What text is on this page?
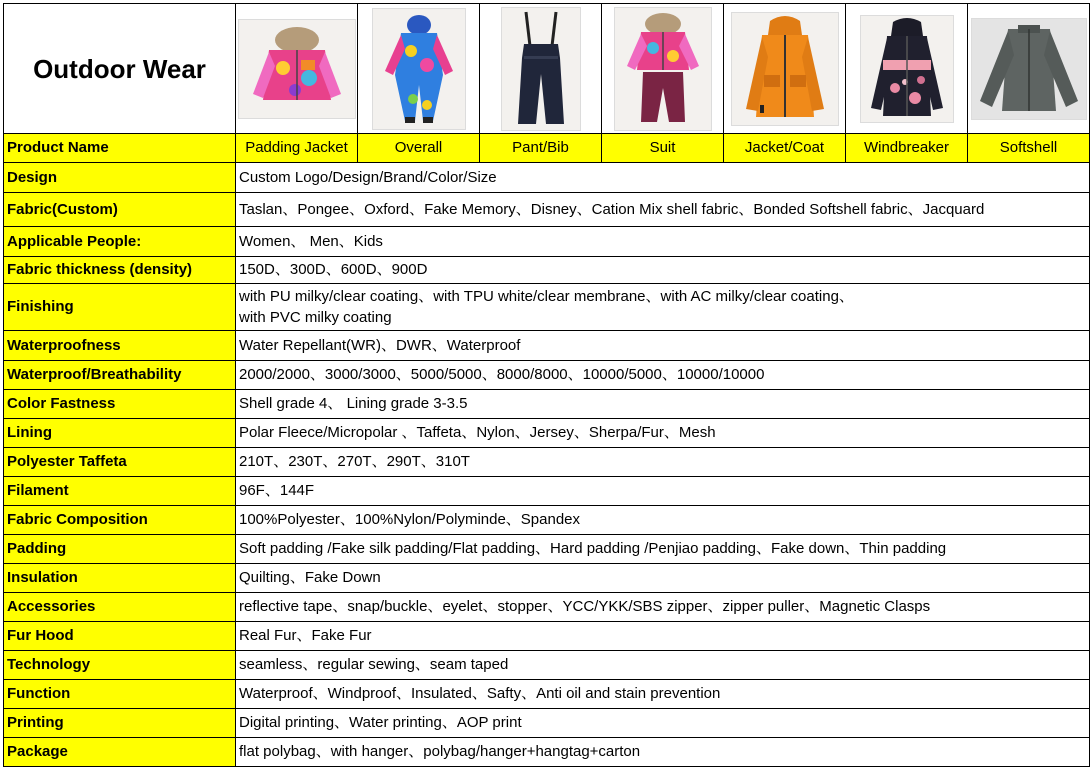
Outdoor Wear	

Product Name	Padding Jacket	Overall	Pant/Bib	Suit	Jacket/Coat	Windbreaker	Softshell
Design	Custom Logo/Design/Brand/Color/Size						
Fabric(Custom)	Taslan、Pongee、Oxford、Fake Memory、Disney、Cation Mix shell fabric、Bonded Softshell fabric、Jacquard						
Applicable People:	Women、 Men、Kids						
Fabric thickness (density)	150D、300D、600D、900D						
Finishing	with PU milky/clear coating、with TPU white/clear membrane、with AC milky/clear coating、
with PVC milky coating						

Waterproofness	Water Repellant(WR)、DWR、Waterproof						
Waterproof/Breathability	2000/2000、3000/3000、5000/5000、8000/8000、10000/5000、10000/10000						
Color Fastness	Shell grade 4、 Lining grade 3-3.5						
Lining	Polar Fleece/Micropolar 、Taffeta、Nylon、Jersey、Sherpa/Fur、Mesh						
Polyester Taffeta	210T、230T、270T、290T、310T						
Filament	96F、144F						
Fabric Composition	100%Polyester、100%Nylon/Polyminde、Spandex						
Padding	Soft padding /Fake silk padding/Flat padding、Hard padding /Penjiao padding、Fake down、Thin padding						
Insulation	Quilting、Fake Down						
Accessories	reflective tape、snap/buckle、eyelet、stopper、YCC/YKK/SBS zipper、zipper puller、Magnetic Clasps						
Fur Hood	Real Fur、Fake Fur						
Technology	seamless、regular sewing、seam taped						
Function	Waterproof、Windproof、Insulated、Safty、Anti oil and stain prevention						
Printing	Digital printing、Water printing、AOP print						
Package	flat polybag、with hanger、polybag/hanger+hangtag+carton						
